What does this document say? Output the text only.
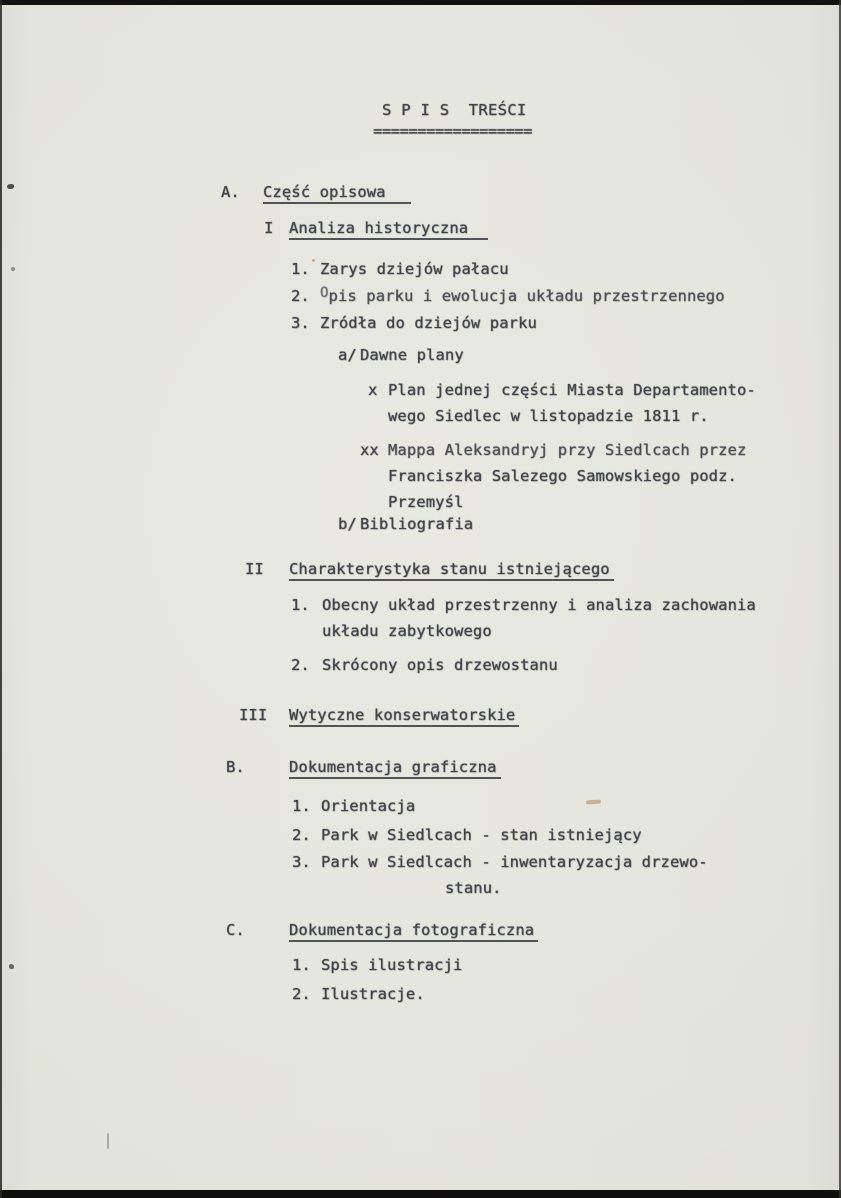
S P I S  TREŚCI
==================
A. Część opisowa
I Analiza historyczna
1. Zarys dziejów pałacu
2. Opis parku i ewolucja układu przestrzennego
3. Zródła do dziejów parku
a/ Dawne plany
x Plan jednej części Miasta Departamento-
wego Siedlec w listopadzie 1811 r.
xx Mappa Aleksandryj przy Siedlcach przez
Franciszka Salezego Samowskiego podz.
Przemyśl
b/ Bibliografia
II Charakterystyka stanu istniejącego
1. Obecny układ przestrzenny i analiza zachowania
układu zabytkowego
2. Skrócony opis drzewostanu
III Wytyczne konserwatorskie
B.	Dokumentacja graficzna
1. Orientacja
2. Park w Siedlcach - stan istniejący
3. Park w Siedlcach - inwentaryzacja drzewo-
stanu.
C.	Dokumentacja fotograficzna
1. Spis ilustracji
2. Ilustracje.
